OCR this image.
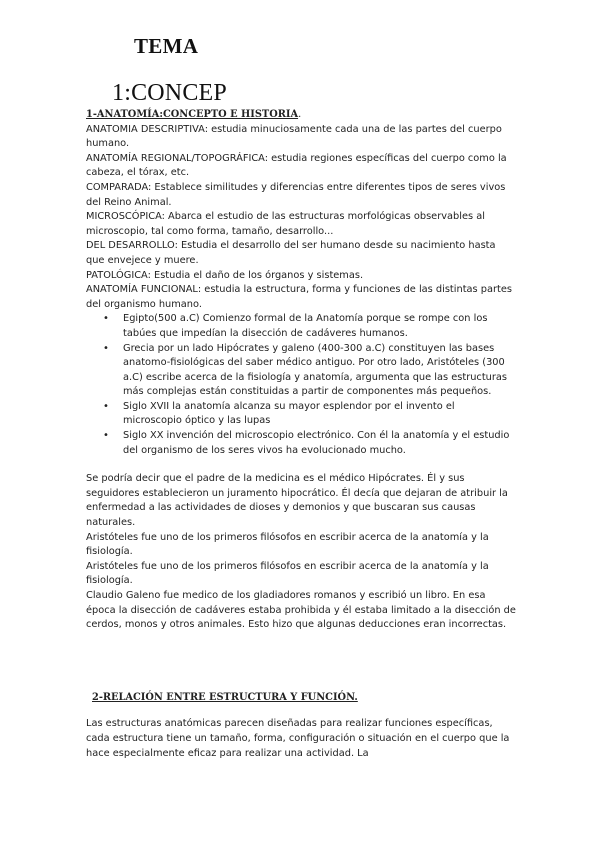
TEMA
1:CONCEP

1-ANATOMÍA:CONCEPTO E HISTORIA.

ANATOMIA DESCRIPTIVA: estudia minuciosamente cada una de las partes del cuerpo humano.

ANATOMÍA REGIONAL/TOPOGRÁFICA: estudia regiones específicas del cuerpo como la cabeza, el tórax, etc.

COMPARADA: Establece similitudes y diferencias entre diferentes tipos de seres vivos del Reino Animal.

MICROSCÓPICA: Abarca el estudio de las estructuras morfológicas observables al microscopio, tal como forma, tamaño, desarrollo...

DEL DESARROLLO: Estudia el desarrollo del ser humano desde su nacimiento hasta que envejece y muere.

PATOLÓGICA: Estudia el daño de los órganos y sistemas.

ANATOMÍA FUNCIONAL: estudia la estructura, forma y funciones de las distintas partes del organismo humano.

• Egipto(500 a.C) Comienzo formal de la Anatomía porque se rompe con los tabúes que impedían la disección de cadáveres humanos.
• Grecia por un lado Hipócrates y galeno (400-300 a.C) constituyen las bases anatomo-fisiológicas del saber médico antiguo. Por otro lado, Aristóteles (300 a.C) escribe acerca de la fisiología y anatomía, argumenta que las estructuras más complejas están constituidas a partir de componentes más pequeños.
• Siglo XVII la anatomía alcanza su mayor esplendor por el invento el microscopio óptico y las lupas
• Siglo XX invención del microscopio electrónico. Con él la anatomía y el estudio del organismo de los seres vivos ha evolucionado mucho.

Se podría decir que el padre de la medicina es el médico Hipócrates. Él y sus seguidores establecieron un juramento hipocrático. Él decía que dejaran de atribuir la enfermedad a las actividades de dioses y demonios y que buscaran sus causas naturales.

Aristóteles fue uno de los primeros filósofos en escribir acerca de la anatomía y la fisiología.

Aristóteles fue uno de los primeros filósofos en escribir acerca de la anatomía y la fisiología.

Claudio Galeno fue medico de los gladiadores romanos y escribió un libro. En esa época la disección de cadáveres estaba prohibida y él estaba limitado a la disección de cerdos, monos y otros animales. Esto hizo que algunas deducciones eran incorrectas.

2-RELACIÓN ENTRE ESTRUCTURA Y FUNCIÓN.

Las estructuras anatómicas parecen diseñadas para realizar funciones específicas, cada estructura tiene un tamaño, forma, configuración o situación en el cuerpo que la hace especialmente eficaz para realizar una actividad. La
